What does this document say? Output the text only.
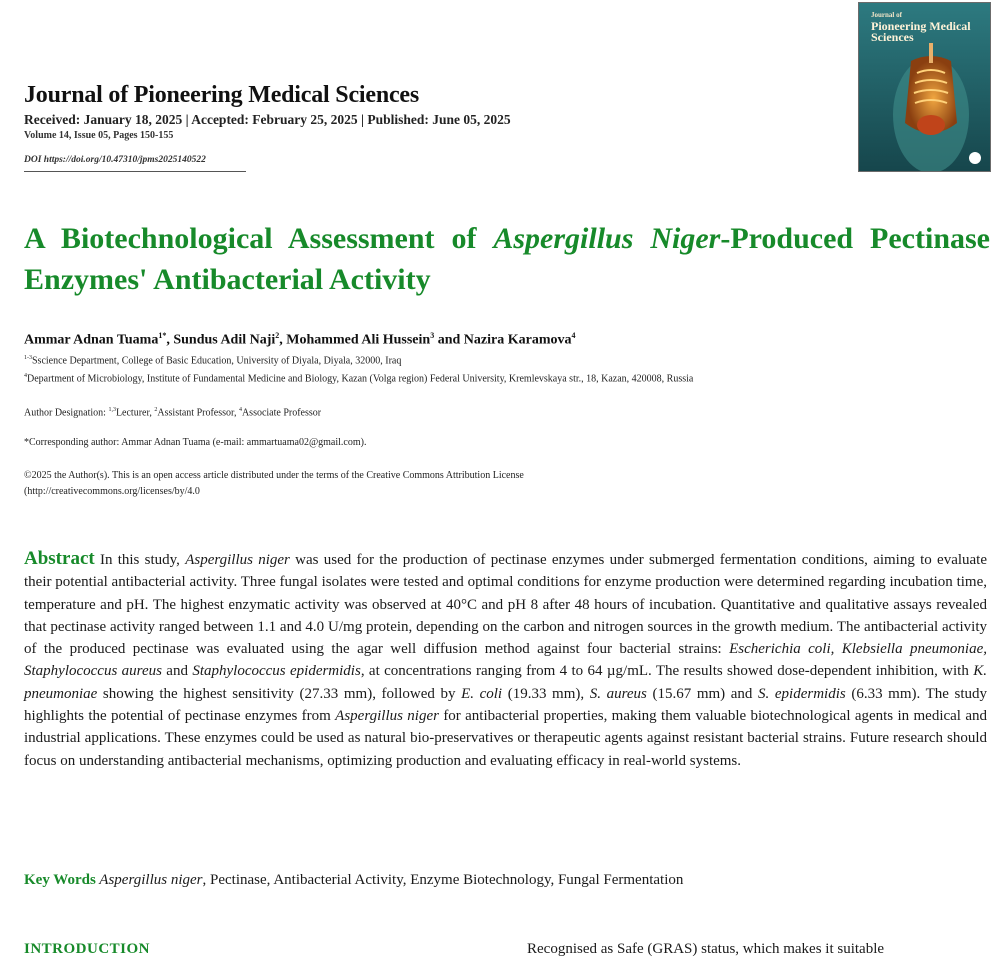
Journal of Pioneering Medical Sciences
Received: January 18, 2025 | Accepted: February 25, 2025 | Published: June 05, 2025
Volume 14, Issue 05, Pages 150-155
DOI https://doi.org/10.47310/jpms2025140522
Journal of
Pioneering Medical Sciences
A Biotechnological Assessment of Aspergillus Niger-Produced Pectinase Enzymes' Antibacterial Activity
Ammar Adnan Tuama$^{1*}$, Sundus Adil Naji$^2$, Mohammed Ali Hussein$^3$ and Nazira Karamova$^4$
$^{1-3}$Sscience Department, College of Basic Education, University of Diyala, Diyala, 32000, Iraq
$^4$Department of Microbiology, Institute of Fundamental Medicine and Biology, Kazan (Volga region) Federal University, Kremlevskaya str., 18, Kazan, 420008, Russia
Author Designation: $^{1,3}$Lecturer, $^2$Assistant Professor, $^4$Associate Professor
*Corresponding author: Ammar Adnan Tuama (e-mail: ammartuama02@gmail.com).
©2025 the Author(s). This is an open access article distributed under the terms of the Creative Commons Attribution License
(http://creativecommons.org/licenses/by/4.0
Abstract In this study, Aspergillus niger was used for the production of pectinase enzymes under submerged fermentation conditions, aiming to evaluate their potential antibacterial activity. Three fungal isolates were tested and optimal conditions for enzyme production were determined regarding incubation time, temperature and pH. The highest enzymatic activity was observed at 40°C and pH 8 after 48 hours of incubation. Quantitative and qualitative assays revealed that pectinase activity ranged between 1.1 and 4.0 U/mg protein, depending on the carbon and nitrogen sources in the growth medium. The antibacterial activity of the produced pectinase was evaluated using the agar well diffusion method against four bacterial strains: Escherichia coli, Klebsiella pneumoniae, Staphylococcus aureus and Staphylococcus epidermidis, at concentrations ranging from 4 to 64 µg/mL. The results showed dose-dependent inhibition, with K. pneumoniae showing the highest sensitivity (27.33 mm), followed by E. coli (19.33 mm), S. aureus (15.67 mm) and S. epidermidis (6.33 mm). The study highlights the potential of pectinase enzymes from Aspergillus niger for antibacterial properties, making them valuable biotechnological agents in medical and industrial applications. These enzymes could be used as natural bio-preservatives or therapeutic agents against resistant bacterial strains. Future research should focus on understanding antibacterial mechanisms, optimizing production and evaluating efficacy in real-world systems.
Key Words Aspergillus niger, Pectinase, Antibacterial Activity, Enzyme Biotechnology, Fungal Fermentation
INTRODUCTION	Recognised as Safe (GRAS) status, which makes it suitable
